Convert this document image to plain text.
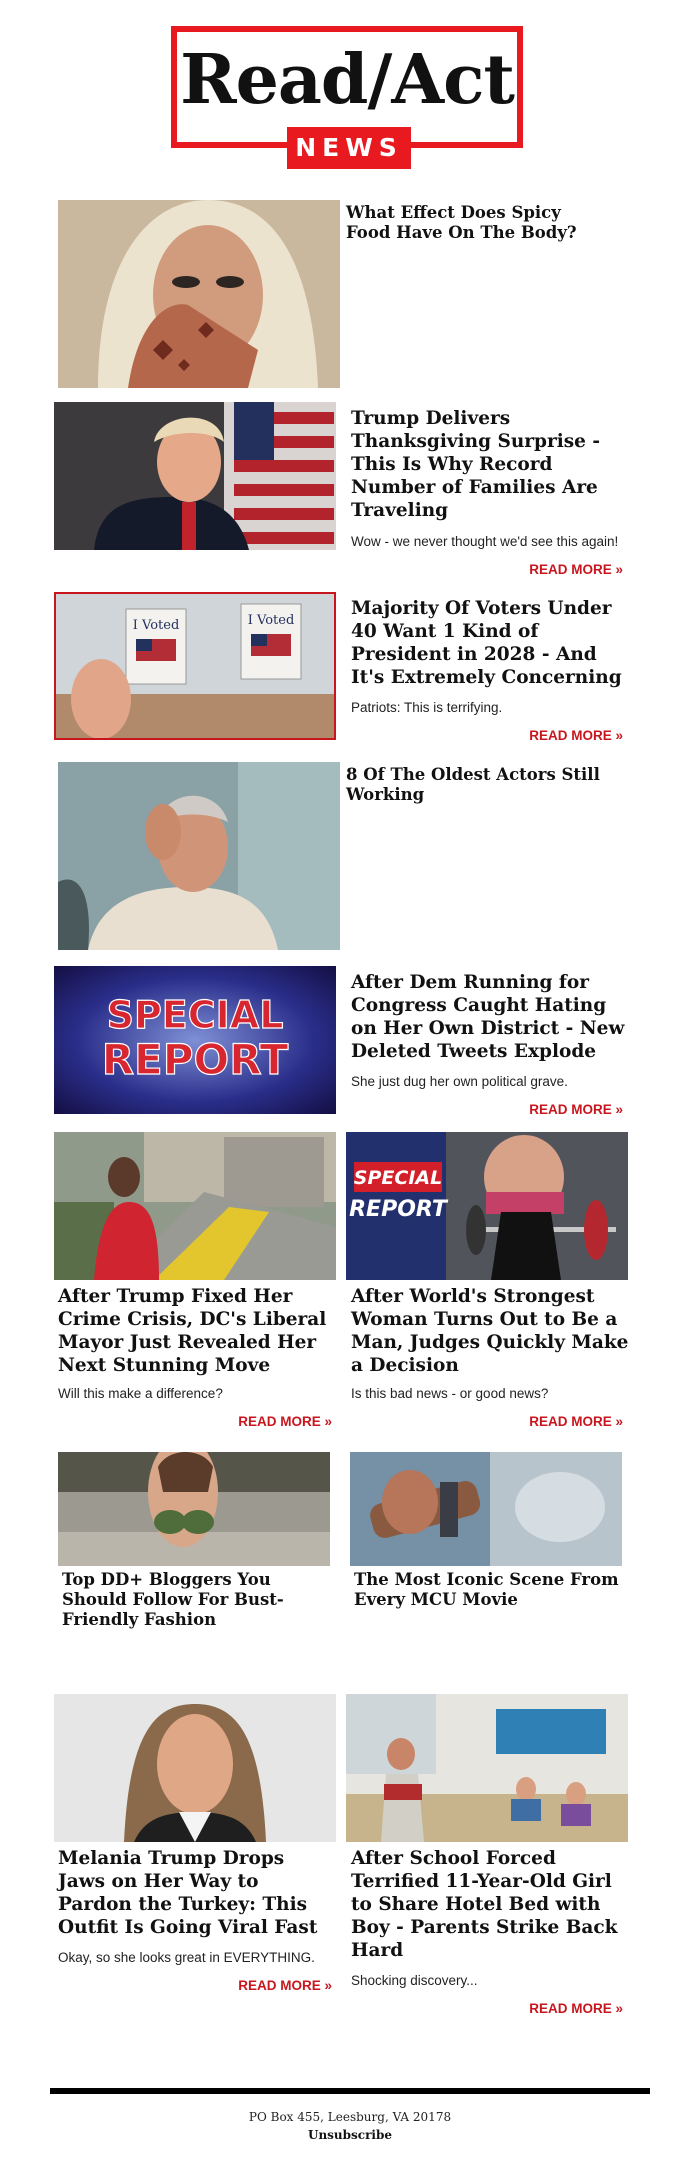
Read/Act
NEWS
What Effect Does Spicy Food Have On The Body?
Trump Delivers Thanksgiving Surprise - This Is Why Record Number of Families Are Traveling
Wow - we never thought we'd see this again!
READ MORE »
I Voted	I Voted
Majority Of Voters Under 40 Want 1 Kind of President in 2028 - And It's Extremely Concerning
Patriots: This is terrifying.
READ MORE »
8 Of The Oldest Actors Still Working
SPECIAL
REPORT
After Dem Running for Congress Caught Hating on Her Own District - New Deleted Tweets Explode
She just dug her own political grave.
READ MORE »
After Trump Fixed Her Crime Crisis, DC's Liberal Mayor Just Revealed Her Next Stunning Move
Will this make a difference?
READ MORE »
SPECIAL
REPORT
After World's Strongest Woman Turns Out to Be a Man, Judges Quickly Make a Decision
Is this bad news - or good news?
READ MORE »
Top DD+ Bloggers You Should Follow For Bust-Friendly Fashion
The Most Iconic Scene From Every MCU Movie
Melania Trump Drops Jaws on Her Way to Pardon the Turkey: This Outfit Is Going Viral Fast
Okay, so she looks great in EVERYTHING.
READ MORE »
After School Forced Terrified 11-Year-Old Girl to Share Hotel Bed with Boy - Parents Strike Back Hard
Shocking discovery...
READ MORE »
PO Box 455, Leesburg, VA 20178
Unsubscribe
